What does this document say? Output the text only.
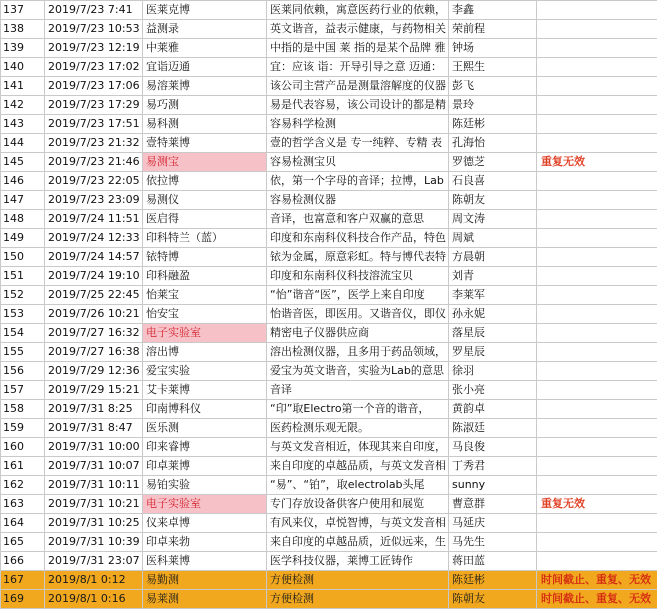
137	2019/7/23 7:41	医莱克博	医莱同依赖，寓意医药行业的依赖，	李鑫	
138	2019/7/23 10:53	益测录	英文谐音，益表示健康，与药物相关	荣前程	
139	2019/7/23 12:19	中莱雅	中指的是中国 莱 指的是某个品牌 雅	钟场	
140	2019/7/23 17:02	宜诣迈通	宜：应该 诣：开导引导之意 迈通：	王熙生	
141	2019/7/23 17:06	易溶莱博	该公司主营产品是测量溶解度的仪器	彭飞	
142	2019/7/23 17:29	易巧测	易是代表容易，该公司设计的都是精	景玲	
143	2019/7/23 17:51	易科测	容易科学检测	陈廷彬	
144	2019/7/23 21:32	壹特莱博	壹的哲学含义是 专一纯粹、专精 表	孔海怡	
145	2019/7/23 21:46	易测宝	容易检测宝贝	罗德芝	重复无效
146	2019/7/23 22:05	依拉博	依，第一个字母的音译；拉博，Lab	石良喜	
147	2019/7/23 23:09	易测仪	容易检测仪器	陈朝友	
148	2019/7/24 11:51	医启得	音译，也富意和客户双赢的意思	周文涛	
149	2019/7/24 12:33	印科特兰（蓝）	印度和东南科仪科技合作产品，特色	周斌	
150	2019/7/24 14:57	铱特博	铱为金属，原意彩虹。特与博代表特	方晨朝	
151	2019/7/24 19:10	印科融盈	印度和东南科仪科技溶流宝贝	刘青	
152	2019/7/25 22:45	怡莱宝	“怡”谐音“医”，医学上来自印度	李莱军	
153	2019/7/26 10:21	怡安宝	怡谐音医，即医用。又谐音仪，即仪	孙永妮	
154	2019/7/27 16:32	电子实验室	精密电子仪器供应商	落星辰	
155	2019/7/27 16:38	溶出博	溶出检测仪器，且多用于药品领域，	罗星辰	
156	2019/7/29 12:36	爱宝实验	爱宝为英文谐音，实验为Lab的意思	徐羽	
157	2019/7/29 15:21	艾卡莱博	音译	张小亮	
158	2019/7/31 8:25	印南博科仪	“印”取Electro第一个音的谐音，	黄韵卓	
159	2019/7/31 8:47	医乐测	医药检测乐观无限。	陈淑廷	
160	2019/7/31 10:00	印来睿博	与英文发音相近，体现其来自印度，	马良俊	
161	2019/7/31 10:07	印卓莱博	来自印度的卓越品质，与英文发音相	丁秀君	
162	2019/7/31 10:11	易铂实验	“易”、“铂”，取electrolab头尾	sunny	
163	2019/7/31 10:21	电子实验室	专门存放设备供客户使用和展览	曹意群	重复无效
164	2019/7/31 10:25	仪来卓博	有风来仪，卓悦智博，与英文发音相	马延庆	
165	2019/7/31 10:39	印卓来勃	来自印度的卓越品质，近似远来，生	马先生	
166	2019/7/31 23:07	医科莱博	医学科技仪器，莱博工匠铸作	蒋田蓝	
167	2019/8/1 0:12	易勤测	方便检测	陈廷彬	时间截止、重复、无效
169	2019/8/1 0:16	易莱测	方便检测	陈朝友	时间截止、重复、无效
